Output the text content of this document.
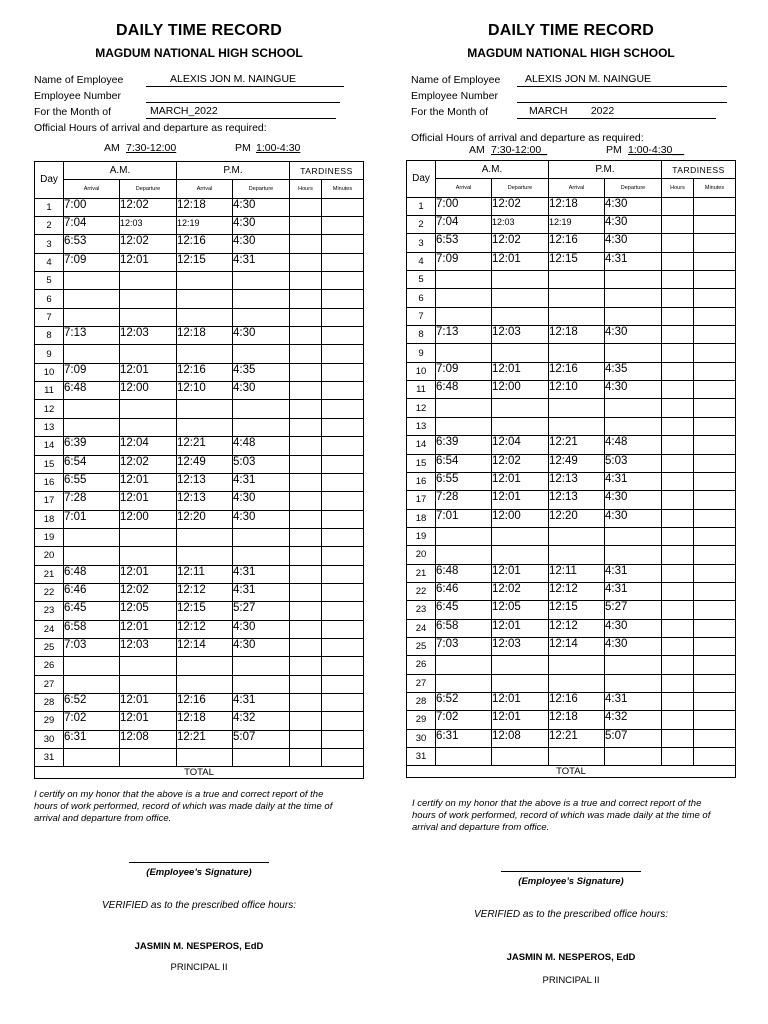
DAILY TIME RECORD

MAGDUM NATIONAL HIGH SCHOOL

Name of Employee	ALEXIS JON M. NAINGUE
Employee Number
For the Month of	MARCH_2022

Official Hours of arrival and departure as required:

AM 7:30-12:00	PM 1:00-4:30
Day	A.M.		P.M.		TARDINESS	
	Arrival	Departure	Arrival	Departure	Hours	Minutes
1	7:00	12:02	12:18	4:30		
2	7:04	12:03	12:19	4:30		
3	6:53	12:02	12:16	4:30		
4	7:09	12:01	12:15	4:31		
5						
6						
7						
8	7:13	12:03	12:18	4:30		
9						
10	7:09	12:01	12:16	4:35		
11	6:48	12:00	12:10	4:30		
12						
13						
14	6:39	12:04	12:21	4:48		
15	6:54	12:02	12:49	5:03		
16	6:55	12:01	12:13	4:31		
17	7:28	12:01	12:13	4:30		
18	7:01	12:00	12:20	4:30		
19						
20						
21	6:48	12:01	12:11	4:31		
22	6:46	12:02	12:12	4:31		
23	6:45	12:05	12:15	5:27		
24	6:58	12:01	12:12	4:30		
25	7:03	12:03	12:14	4:30		
26						
27						
28	6:52	12:01	12:16	4:31		
29	7:02	12:01	12:18	4:32		
30	6:31	12:08	12:21	5:07		
31						
TOTAL						

I certify on my honor that the above is a true and correct report of the hours of work performed, record of which was made daily at the time of arrival and departure from office.

(Employee’s Signature)

VERIFIED as to the prescribed office hours:

JASMIN M. NESPEROS, EdD

PRINCIPAL II

DAILY TIME RECORD

MAGDUM NATIONAL HIGH SCHOOL

Name of Employee ALEXIS JON M. NAINGUE
Employee Number
For the Month of	MARCH        2022

Official Hours of arrival and departure as required:

AM 7:30-12:00_	PM 1:00-4:30__
Day	A.M.		P.M.		TARDINESS	
	Arrival	Departure	Arrival	Departure	Hours	Minutes
1	7:00	12:02	12:18	4:30		
2	7:04	12:03	12:19	4:30		
3	6:53	12:02	12:16	4:30		
4	7:09	12:01	12:15	4:31		
5						
6						
7						
8	7:13	12:03	12:18	4:30		
9						
10	7:09	12:01	12:16	4:35		
11	6:48	12:00	12:10	4:30		
12						
13						
14	6:39	12:04	12:21	4:48		
15	6:54	12:02	12:49	5:03		
16	6:55	12:01	12:13	4:31		
17	7:28	12:01	12:13	4:30		
18	7:01	12:00	12:20	4:30		
19						
20						
21	6:48	12:01	12:11	4:31		
22	6:46	12:02	12:12	4:31		
23	6:45	12:05	12:15	5:27		
24	6:58	12:01	12:12	4:30		
25	7:03	12:03	12:14	4:30		
26						
27						
28	6:52	12:01	12:16	4:31		
29	7:02	12:01	12:18	4:32		
30	6:31	12:08	12:21	5:07		
31						
TOTAL						

I certify on my honor that the above is a true and correct report of the hours of work performed, record of which was made daily at the time of arrival and departure from office.

(Employee’s Signature)

VERIFIED as to the prescribed office hours:

JASMIN M. NESPEROS, EdD

PRINCIPAL II
